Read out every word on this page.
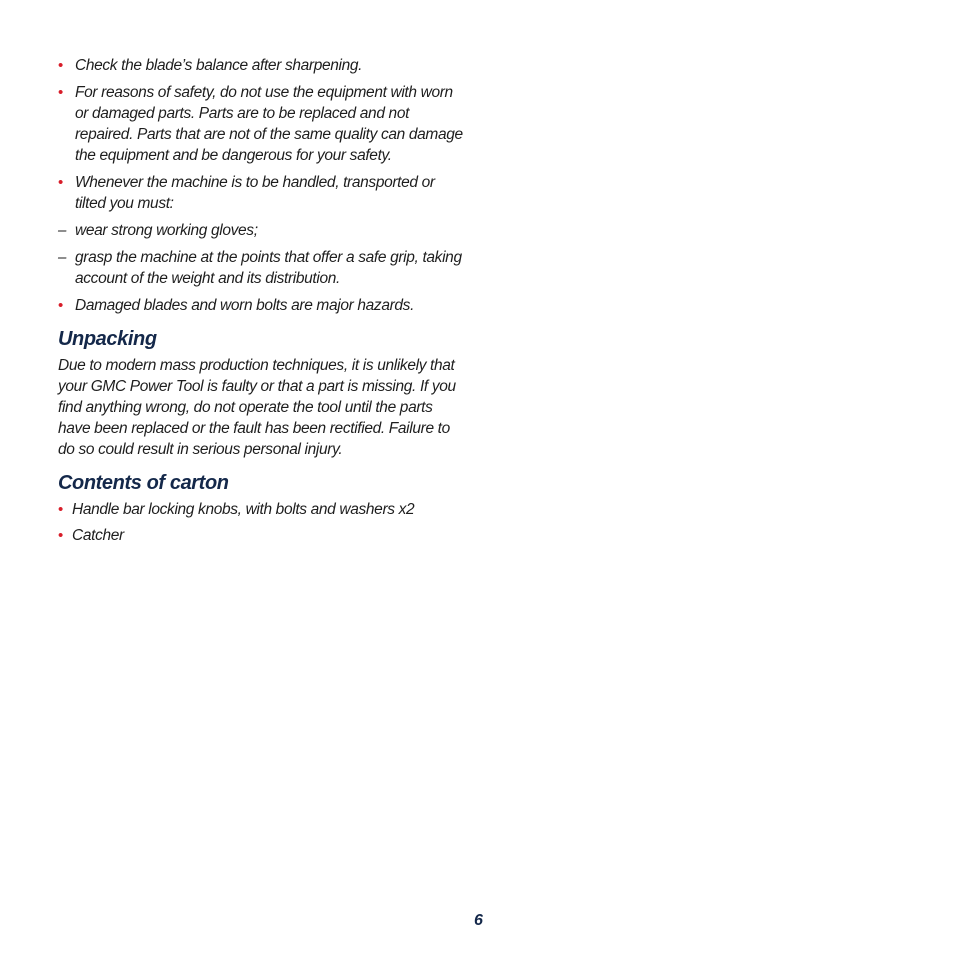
• Check the blade’s balance after sharpening.
• For reasons of safety, do not use the equipment with worn or damaged parts. Parts are to be replaced and not repaired. Parts that are not of the same quality can damage the equipment and be dangerous for your safety.
• Whenever the machine is to be handled, transported or tilted you must:
– wear strong working gloves;
– grasp the machine at the points that offer a safe grip, taking account of the weight and its distribution.
• Damaged blades and worn bolts are major hazards.
Unpacking

Due to modern mass production techniques, it is unlikely that your GMC Power Tool is faulty or that a part is missing. If you find anything wrong, do not operate the tool until the parts have been replaced or the fault has been rectified. Failure to do so could result in serious personal injury.

Contents of carton
• Handle bar locking knobs, with bolts and washers x2
• Catcher
6
